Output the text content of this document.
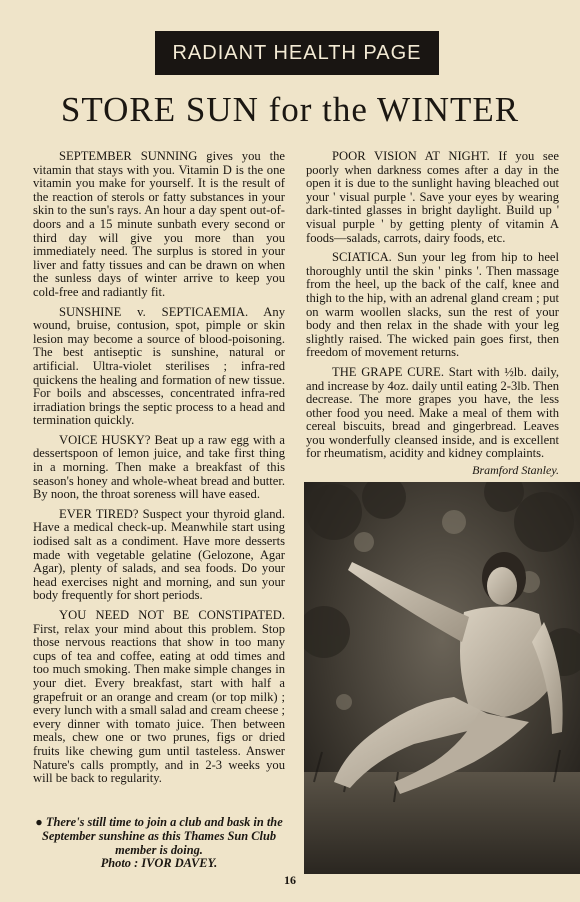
RADIANT HEALTH PAGE
STORE SUN for the WINTER

SEPTEMBER SUNNING gives you the vitamin that stays with you. Vitamin D is the one vitamin you make for yourself. It is the result of the reaction of sterols or fatty substances in your skin to the sun's rays. An hour a day spent out-of-doors and a 15 minute sunbath every second or third day will give you more than you immediately need. The surplus is stored in your liver and fatty tissues and can be drawn on when the sunless days of winter arrive to keep you cold-free and radiantly fit.

SUNSHINE v. SEPTICAEMIA. Any wound, bruise, contusion, spot, pimple or skin lesion may become a source of blood-poisoning. The best antiseptic is sunshine, natural or artificial. Ultra-violet sterilises ; infra-red quickens the healing and formation of new tissue. For boils and abscesses, concentrated infra-red irradiation brings the septic process to a head and termination quickly.

VOICE HUSKY? Beat up a raw egg with a dessertspoon of lemon juice, and take first thing in a morning. Then make a breakfast of this season's honey and whole-wheat bread and butter. By noon, the throat soreness will have eased.

EVER TIRED? Suspect your thyroid gland. Have a medical check-up. Meanwhile start using iodised salt as a condiment. Have more desserts made with vegetable gelatine (Gelozone, Agar Agar), plenty of salads, and sea foods. Do your head exercises night and morning, and sun your body frequently for short periods.

YOU NEED NOT BE CONSTIPATED. First, relax your mind about this problem. Stop those nervous reactions that show in too many cups of tea and coffee, eating at odd times and too much smoking. Then make simple changes in your diet. Every breakfast, start with half a grapefruit or an orange and cream (or top milk) ; every lunch with a small salad and cream cheese ; every dinner with tomato juice. Then between meals, chew one or two prunes, figs or dried fruits like chewing gum until tasteless. Answer Nature's calls promptly, and in 2-3 weeks you will be back to regularity.

POOR VISION AT NIGHT. If you see poorly when darkness comes after a day in the open it is due to the sunlight having bleached out your ' visual purple '. Save your eyes by wearing dark-tinted glasses in bright daylight. Build up ' visual purple ' by getting plenty of vitamin A foods—salads, carrots, dairy foods, etc.

SCIATICA. Sun your leg from hip to heel thoroughly until the skin ' pinks '. Then massage from the heel, up the back of the calf, knee and thigh to the hip, with an adrenal gland cream ; put on warm woollen slacks, sun the rest of your body and then relax in the shade with your leg slightly raised. The wicked pain goes first, then freedom of movement returns.

THE GRAPE CURE. Start with ½lb. daily, and increase by 4oz. daily until eating 2-3lb. Then decrease. The more grapes you have, the less other food you need. Make a meal of them with cereal biscuits, bread and gingerbread. Leaves you wonderfully cleansed inside, and is excellent for rheumatism, acidity and kidney complaints.

Bramford Stanley.
● There's still time to join a club and bask in the September sunshine as this Thames Sun Club member is doing.
Photo : IVOR DAVEY.
16
